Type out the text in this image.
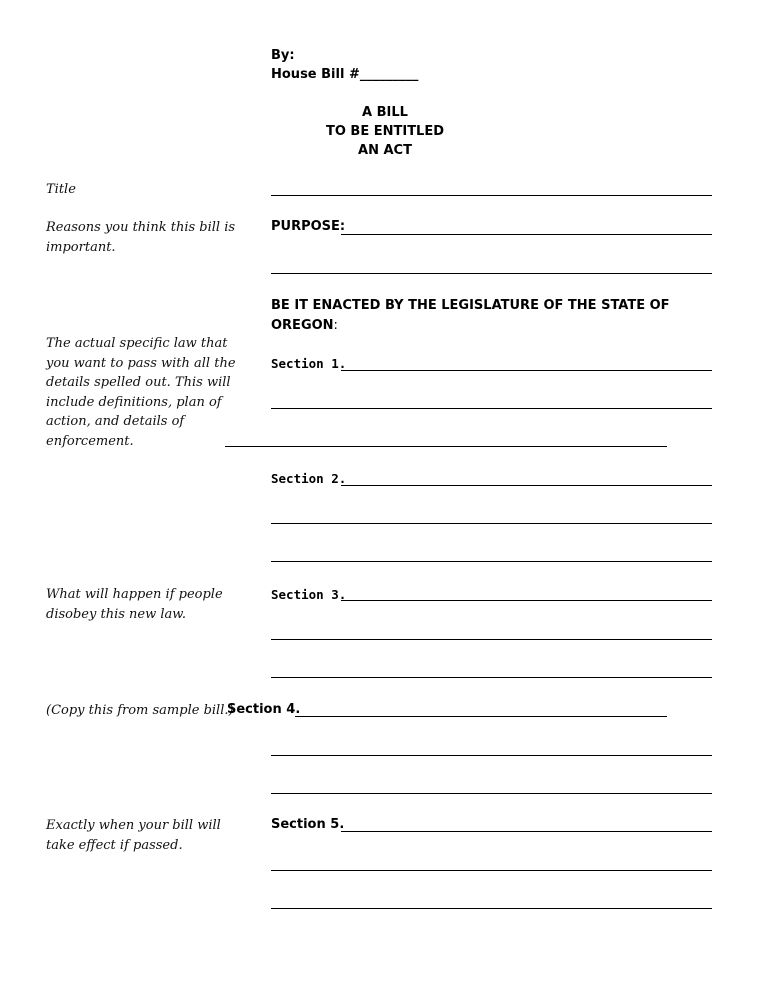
By:
House Bill #_________
A BILL
TO BE ENTITLED
AN ACT
Title
Reasons you think this bill is important.
The actual specific law that you want to pass with all the details spelled out. This will include definitions, plan of action, and details of enforcement.
What will happen if people disobey this new law.
Exactly when your bill will take effect if passed.
PURPOSE:
BE IT ENACTED BY THE LEGISLATURE OF THE STATE OF OREGON:
Section 1.
Section 2.
Section 3.
(Copy this from sample bill.)
Section 4.
Section 5.
